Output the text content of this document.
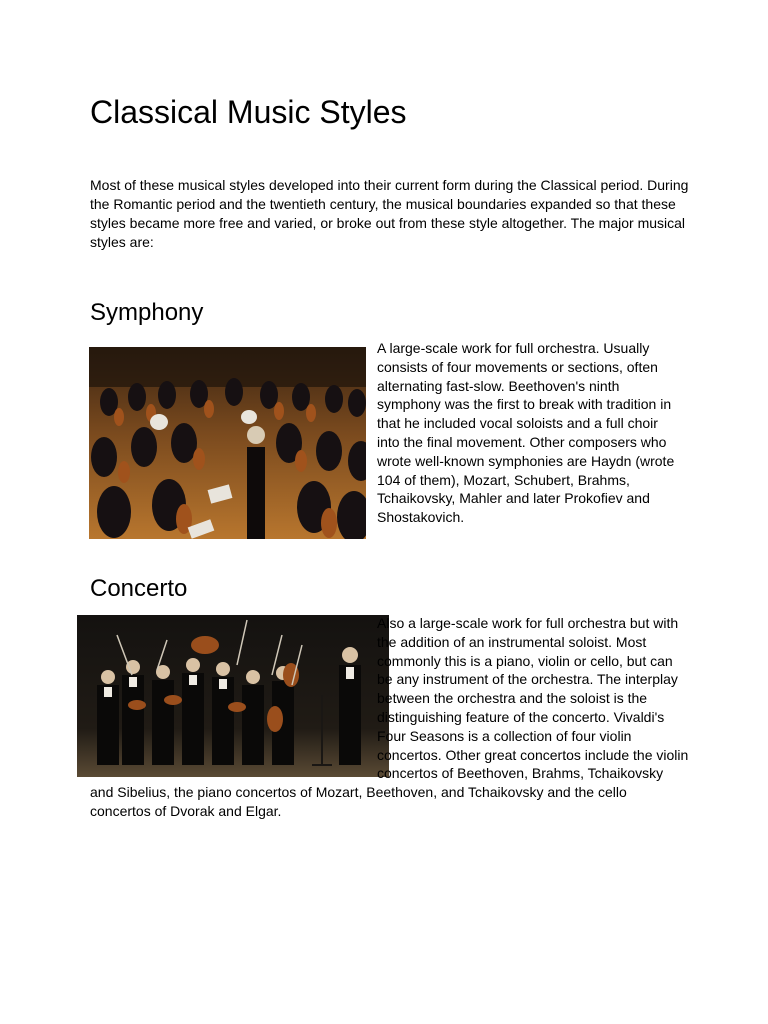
Classical Music Styles

Most of these musical styles developed into their current form during the Classical period. During the Romantic period and the twentieth century, the musical boundaries expanded so that these styles became more free and varied, or broke out from these style altogether. The major musical styles are:

Symphony

A large-scale work for full orchestra. Usually consists of four movements or sections, often alternating fast-slow. Beethoven's ninth symphony was the first to break with tradition in that he included vocal soloists and a full choir into the final movement. Other composers who wrote well-known symphonies are Haydn (wrote 104 of them), Mozart, Schubert, Brahms, Tchaikovsky, Mahler and later Prokofiev and Shostakovich.

Concerto

Also a large-scale work for full orchestra but with the addition of an instrumental soloist. Most commonly this is a piano, violin or cello, but can be any instrument of the orchestra. The interplay between the orchestra and the soloist is the distinguishing feature of the concerto. Vivaldi's Four Seasons is a collection of four violin concertos. Other great concertos include the violin concertos of Beethoven, Brahms, Tchaikovsky and Sibelius, the piano concertos of Mozart, Beethoven, and Tchaikovsky and the cello concertos of Dvorak and Elgar.
